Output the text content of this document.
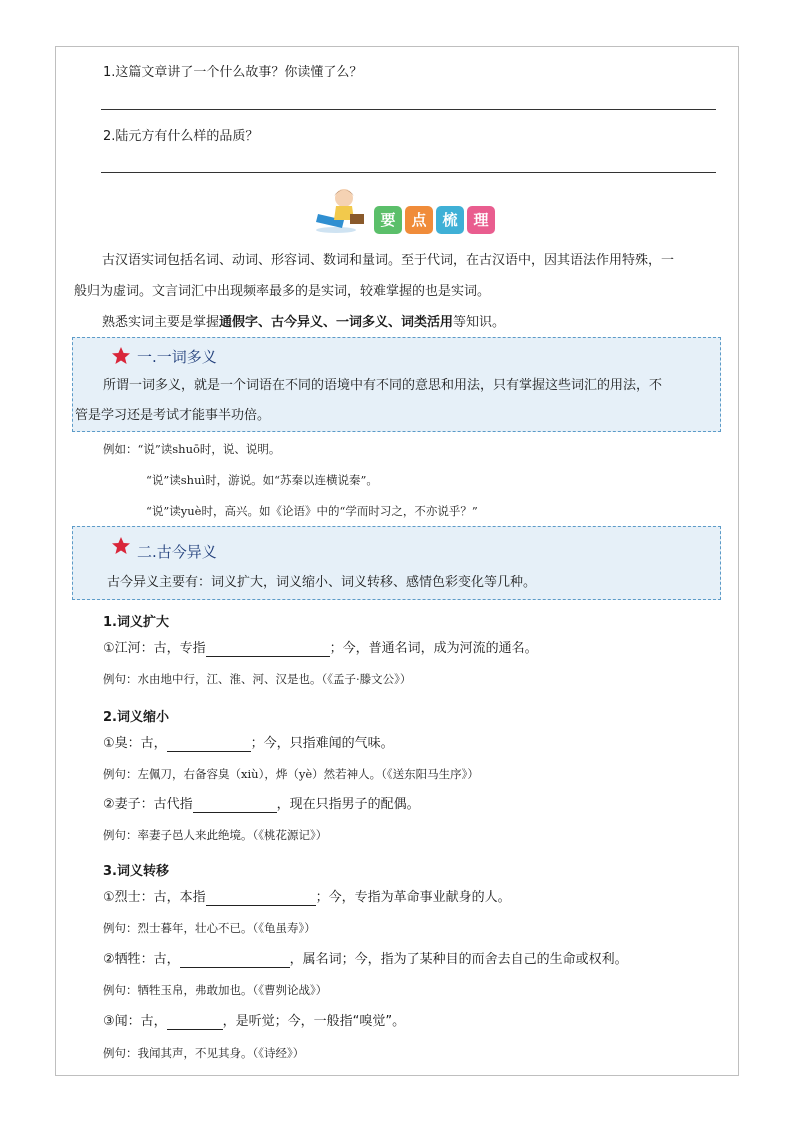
1.这篇文章讲了一个什么故事？你读懂了么？
2.陆元方有什么样的品质？
要	点	梳	理
古汉语实词包括名词、动词、形容词、数词和量词。至于代词，在古汉语中，因其语法作用特殊，一
般归为虚词。文言词汇中出现频率最多的是实词，较难掌握的也是实词。
熟悉实词主要是掌握通假字、古今异义、一词多义、词类活用等知识。
一.一词多义
所谓一词多义，就是一个词语在不同的语境中有不同的意思和用法，只有掌握这些词汇的用法，不
管是学习还是考试才能事半功倍。
例如：“说”读shuō时，说、说明。
“说”读shuì时，游说。如“苏秦以连横说秦”。
“说”读yuè时，高兴。如《论语》中的“学而时习之，不亦说乎？”
二.古今异义
古今异义主要有：词义扩大，词义缩小、词义转移、感情色彩变化等几种。
1.词义扩大
①江河：古，专指	；今，普通名词，成为河流的通名。
例句：水由地中行，江、淮、河、汉是也。（《孟子·滕文公》）
2.词义缩小
①臭：古，	；今，只指难闻的气味。
例句：左佩刀，右备容臭（xiù），烨（yè）然若神人。（《送东阳马生序》）
②妻子：古代指	，现在只指男子的配偶。
例句：率妻子邑人来此绝境。（《桃花源记》）
3.词义转移
①烈士：古，本指	；今，专指为革命事业献身的人。
例句：烈士暮年，壮心不已。（《龟虽寿》）
②牺牲：古，	，属名词；今，指为了某种目的而舍去自己的生命或权利。
例句：牺牲玉帛，弗敢加也。（《曹刿论战》）
③闻：古，	，是听觉；今，一般指“嗅觉”。
例句：我闻其声，不见其身。（《诗经》）
